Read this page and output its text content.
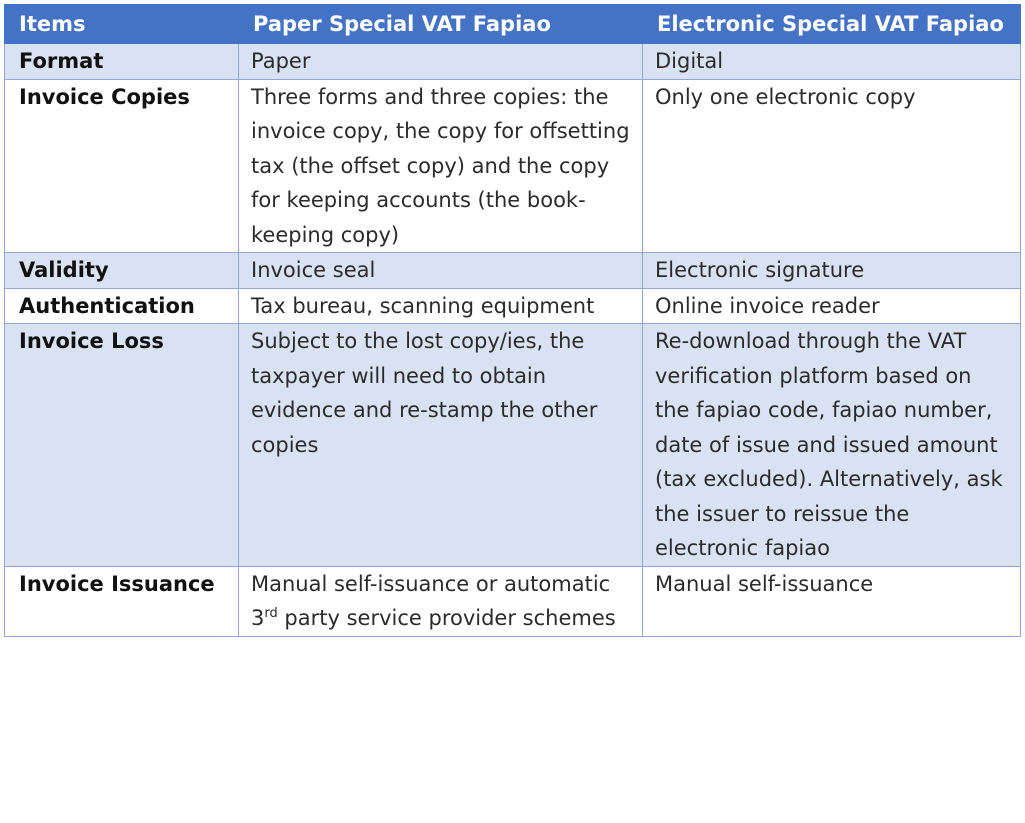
Items	Paper Special VAT Fapiao	Electronic Special VAT Fapiao
Format	Paper	Digital
Invoice Copies	Three forms and three copies: the invoice copy, the copy for offsetting tax (the offset copy) and the copy for keeping accounts (the book-keeping copy)	Only one electronic copy
Validity	Invoice seal	Electronic signature
Authentication	Tax bureau, scanning equipment	Online invoice reader
Invoice Loss	Subject to the lost copy/ies, the taxpayer will need to obtain evidence and re-stamp the other copies	Re-download through the VAT verification platform based on the fapiao code, fapiao number, date of issue and issued amount (tax excluded). Alternatively, ask the issuer to reissue the electronic fapiao
Invoice Issuance	Manual self-issuance or automatic 3rd party service provider schemes	Manual self-issuance
